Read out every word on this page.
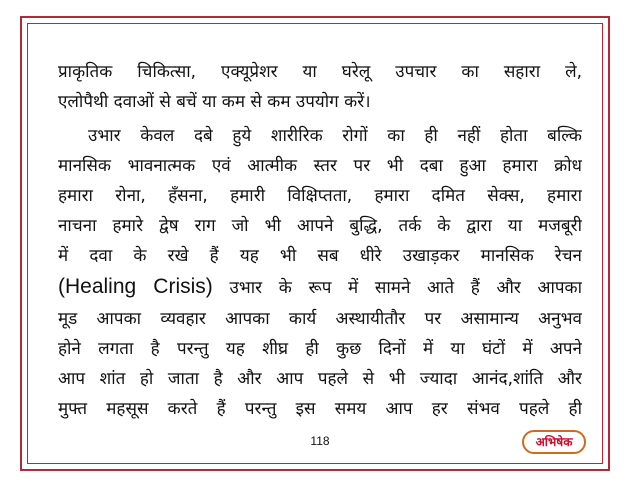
प्राकृतिक चिकित्सा, एक्यूप्रेशर या घरेलू उपचार का सहारा ले,
एलोपैथी दवाओं से बचें या कम से कम उपयोग करें।
उभार केवल दबे हुये शारीरिक रोगों का ही नहीं होता बल्कि
मानसिक भावनात्मक एवं आत्मीक स्तर पर भी दबा हुआ हमारा क्रोध
हमारा रोना, हँसना, हमारी विक्षिप्तता, हमारा दमित सेक्स, हमारा
नाचना हमारे द्वेष राग जो भी आपने बुद्धि, तर्क के द्वारा या मजबूरी
में दवा के रखे हैं यह भी सब धीरे उखाड़कर मानसिक रेचन
(Healing Crisis) उभार के रूप में सामने आते हैं और आपका
मूड आपका व्यवहार आपका कार्य अस्थायीतौर पर असामान्य अनुभव
होने लगता है परन्तु यह शीघ्र ही कुछ दिनों में या घंटों में अपने
आप शांत हो जाता है और आप पहले से भी ज्यादा आनंद,शांति और
मुफ्त महसूस करते हैं परन्तु इस समय आप हर संभव पहले ही
118	अभिषेक
